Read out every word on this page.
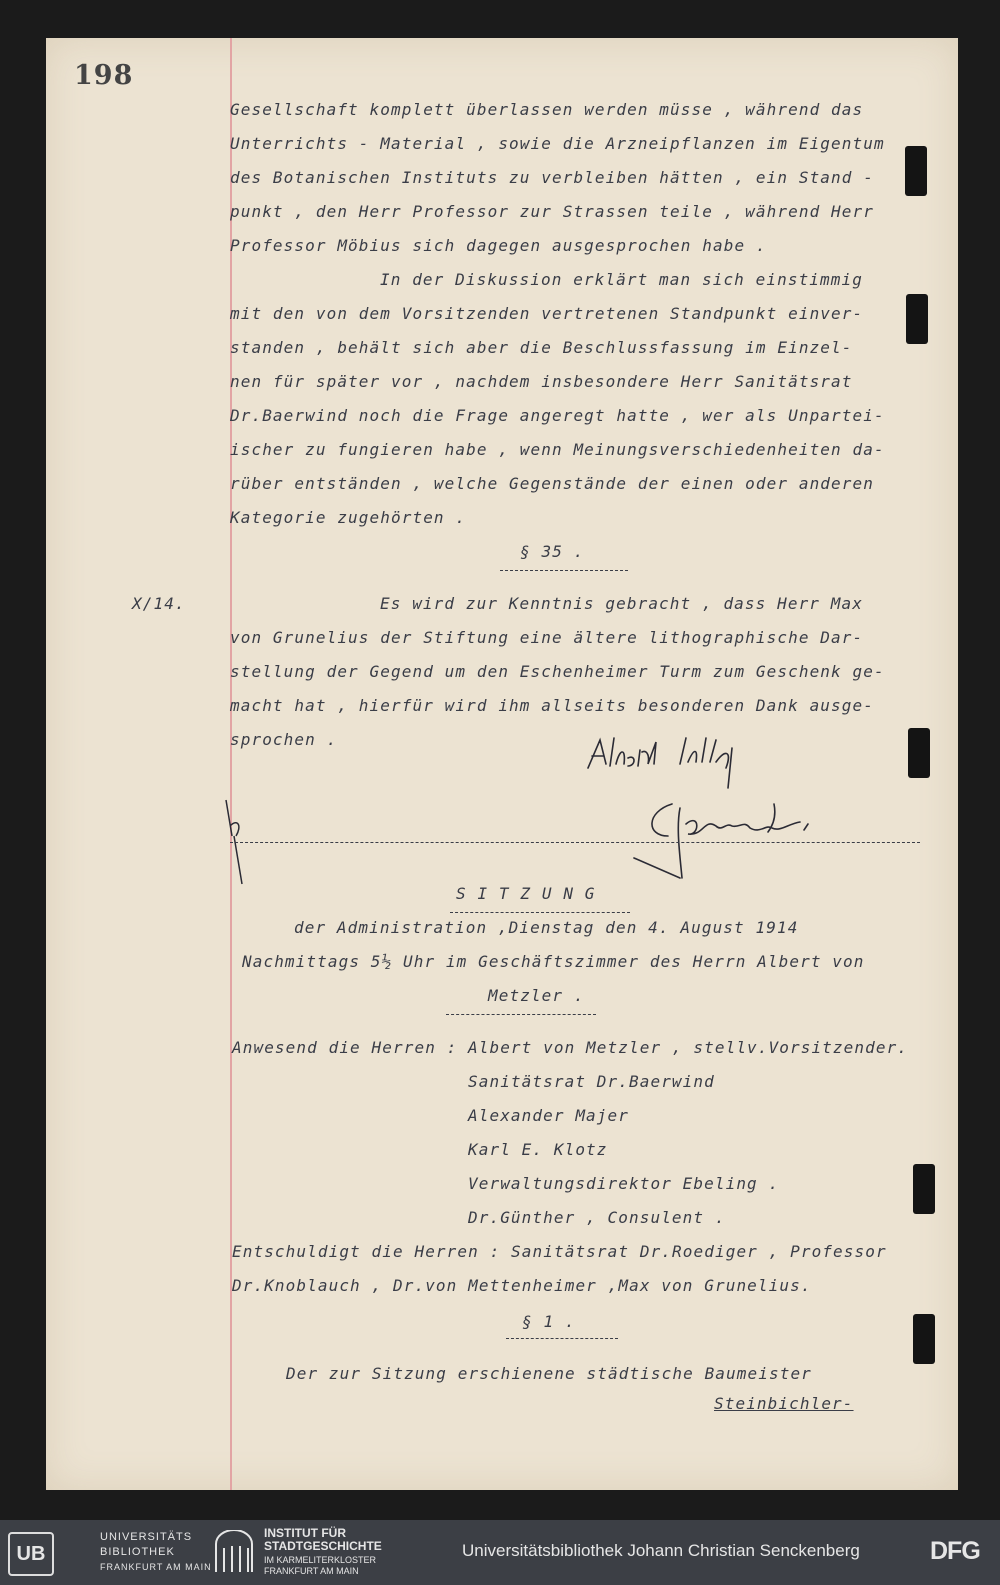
198
Gesellschaft komplett überlassen werden müsse , während das
Unterrichts - Material , sowie die Arzneipflanzen im Eigentum
des Botanischen Instituts zu verbleiben hätten , ein Stand -
punkt , den Herr Professor zur Strassen teile , während Herr
Professor Möbius sich dagegen ausgesprochen habe .
In der Diskussion erklärt man sich einstimmig
mit den von dem Vorsitzenden vertretenen Standpunkt einver-
standen , behält sich aber die Beschlussfassung im Einzel-
nen für später vor , nachdem insbesondere Herr Sanitätsrat
Dr.Baerwind noch die Frage angeregt hatte , wer als Unpartei-
ischer zu fungieren habe , wenn Meinungsverschiedenheiten da-
rüber entständen , welche Gegenstände der einen oder anderen
Kategorie zugehörten .
§ 35 .
X/14.	Es wird zur Kenntnis gebracht , dass Herr Max
von Grunelius der Stiftung eine ältere lithographische Dar-
stellung der Gegend um den Eschenheimer Turm zum Geschenk ge-
macht hat , hierfür wird ihm allseits besonderen Dank ausge-
sprochen .
S I T Z U N G
der Administration ,Dienstag den 4. August 1914
Nachmittags 5½ Uhr im Geschäftszimmer des Herrn Albert von
Metzler .
Anwesend die Herren : Albert von Metzler , stellv.Vorsitzender.
Sanitätsrat Dr.Baerwind
Alexander Majer
Karl E. Klotz
Verwaltungsdirektor Ebeling .
Dr.Günther , Consulent .
Entschuldigt die Herren : Sanitätsrat Dr.Roediger , Professor
Dr.Knoblauch , Dr.von Mettenheimer ,Max von Grunelius.
§ 1 .
Der zur Sitzung erschienene städtische Baumeister
Steinbichler-
UB
UNIVERSITÄTS
BIBLIOTHEK
FRANKFURT AM MAIN
INSTITUT FÜR
STADTGESCHICHTE
IM KARMELITERKLOSTER
FRANKFURT AM MAIN
Universitätsbibliothek Johann Christian Senckenberg	DFG
